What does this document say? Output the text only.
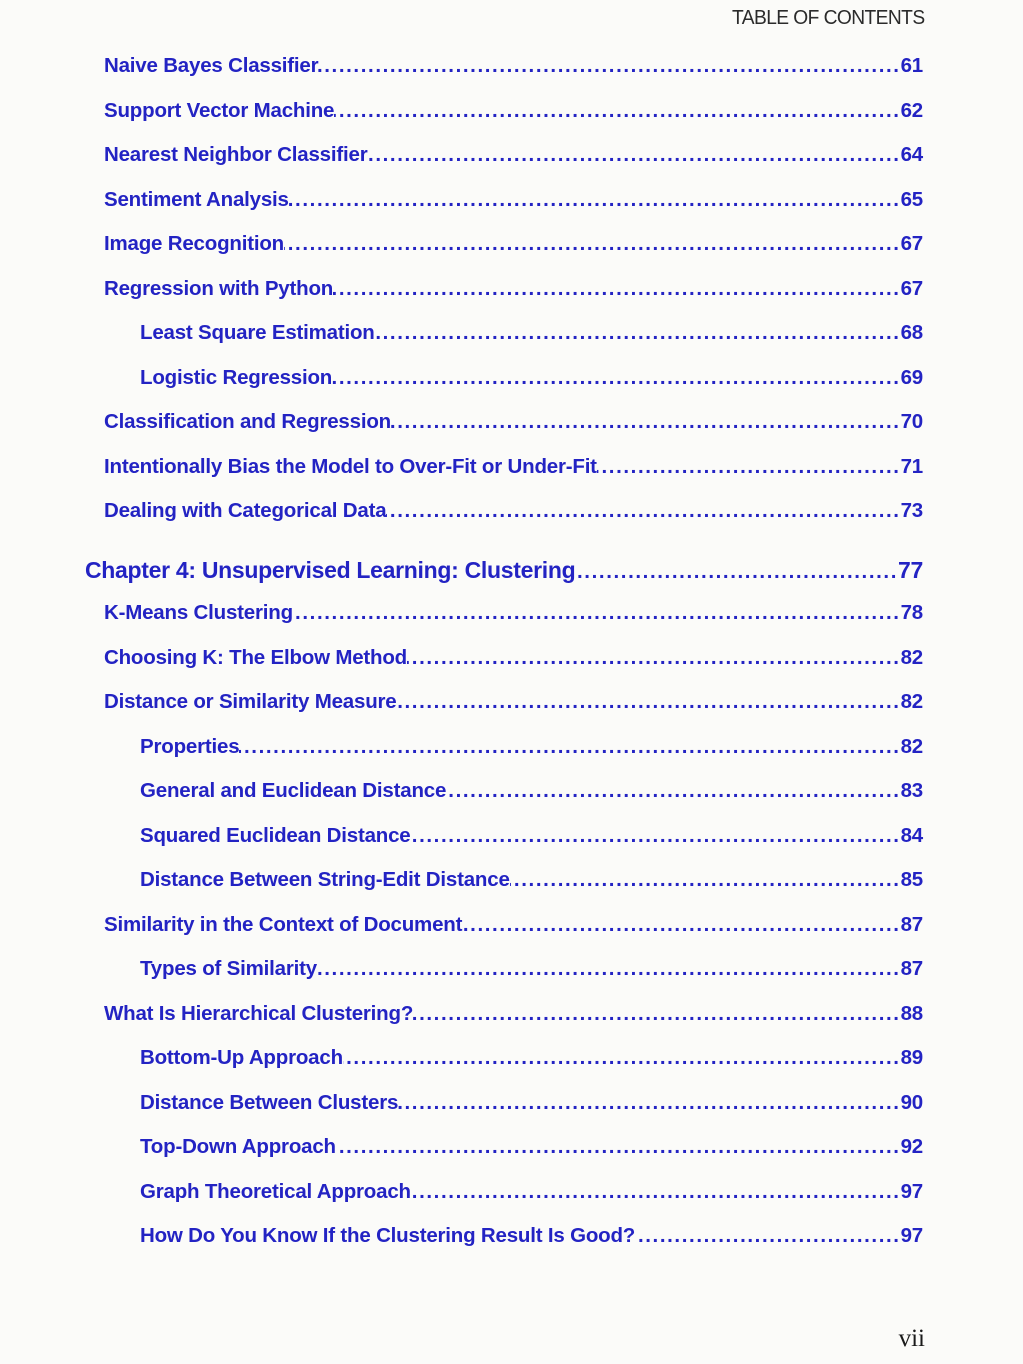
TABLE OF CONTENTS
Naive Bayes Classifier .....	61
Support Vector Machine .....	62
Nearest Neighbor Classifier .....	64
Sentiment Analysis .....	65
Image Recognition .....	67
Regression with Python .....	67
Least Square Estimation .....	68
Logistic Regression .....	69
Classification and Regression .....	70
Intentionally Bias the Model to Over-Fit or Under-Fit .....	71
Dealing with Categorical Data .....	73
Chapter 4: Unsupervised Learning: Clustering .....	77
K-Means Clustering .....	78
Choosing K: The Elbow Method .....	82
Distance or Similarity Measure .....	82
Properties .....	82
General and Euclidean Distance .....	83
Squared Euclidean Distance .....	84
Distance Between String-Edit Distance .....	85
Similarity in the Context of Document .....	87
Types of Similarity .....	87
What Is Hierarchical Clustering? .....	88
Bottom-Up Approach .....	89
Distance Between Clusters .....	90
Top-Down Approach .....	92
Graph Theoretical Approach .....	97
How Do You Know If the Clustering Result Is Good? .....	97
vii
